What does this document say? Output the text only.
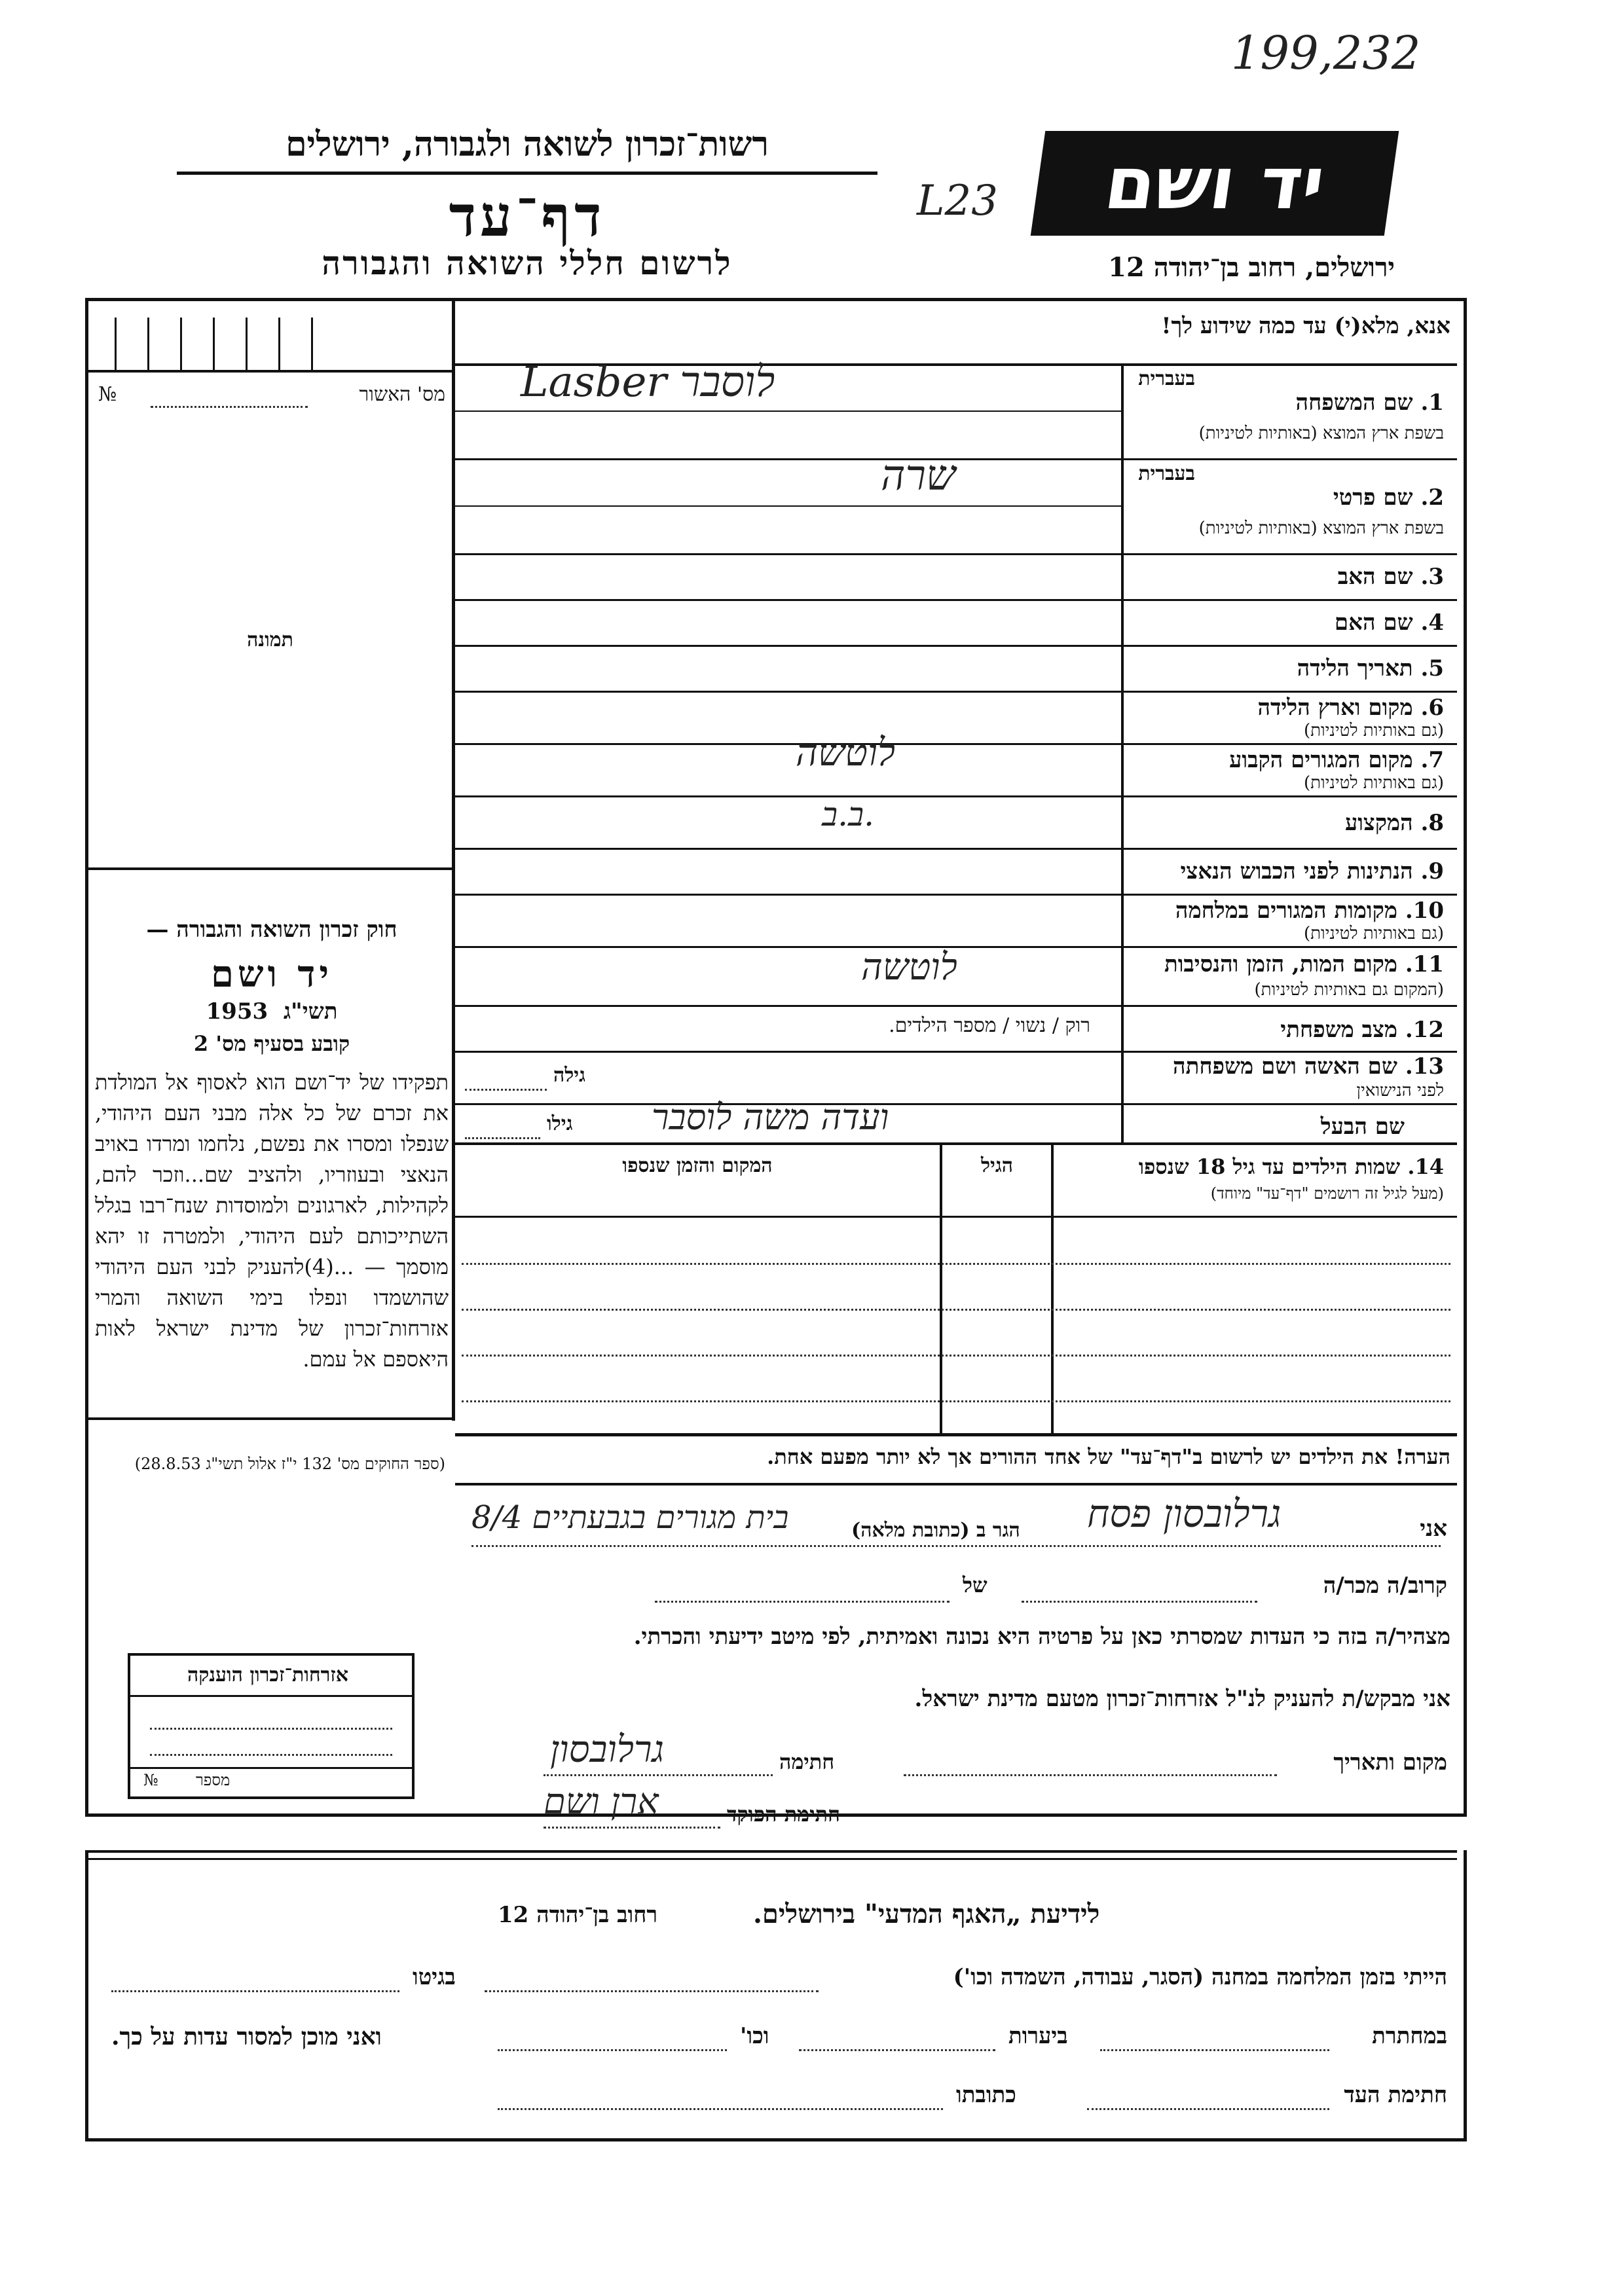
199,232
רשות־זכרון לשואה ולגבורה, ירושלים
דף־עד
לרשום חללי השואה והגבורה
L23	יד ושם
ירושלים, רחוב בן־יהודה 12
מס' האשור
№
תמונה
חוק זכרון השואה והגבורה —
יד ושם
תשי"ג  1953
קובע בסעיף מס' 2
תפקידו של יד־ושם הוא לאסוף אל המולדת את זכרם של כל אלה מבני העם היהודי, שנפלו ומסרו את נפשם, נלחמו ומרדו באויב הנאצי ובעוזריו, ולהציב שם...וזכר להם, לקהילות, לארגונים ולמוסדות שנח־רבו בגלל השתייכותם לעם היהודי, ולמטרה זו יהא מוסמך — ...(4)להעניק לבני העם היהודי שהושמדו ונפלו בימי השואה והמרי אזרחות־זכרון של מדינת ישראל לאות היאספם אל עמם.
(ספר החוקים מס' 132 י"ז אלול תשי"ג 28.8.53)
אנא, מלא(י) עד כמה שידוע לך!
1. שם המשפחה
בשפת ארץ המוצא (באותיות לטיניות)
בעברית
Lasber לוסבר
2. שם פרטי
בשפת ארץ המוצא (באותיות לטיניות)
בעברית
שרה
3. שם האב
4. שם האם
5. תאריך הלידה
6. מקום וארץ הלידה
(גם באותיות לטיניות)
7. מקום המגורים הקבוע
(גם באותיות לטיניות)
לוטשה
8. המקצוע
ב.ב.
9. הנתינות לפני הכבוש הנאצי
10. מקומות המגורים במלחמה
(גם באותיות לטיניות)
11. מקום המות, הזמן והנסיבות
(המקום גם באותיות לטיניות)
לוטשה
12. מצב משפחתי
רוק / נשוי / מספר הילדים.
13. שם האשה ושם משפחתה
לפני הנישואין
גילה
שם הבעל
גילו ועדה משה לוסבר
14. שמות הילדים עד גיל 18 שנספו
(מעל לגיל זה רושמים "דף־עד" מיוחד)
הגיל
המקום והזמן שנספו
הערה! את הילדים יש לרשום ב"דף־עד" של אחד ההורים אך לא יותר מפעם אחת.
אני
גרלובסון פסח
הגר ב (כתובת מלאה)
בית מגורים בגבעתיים 8/4
קרוב/ה מכר/ה
של
מצהיר/ה בזה כי העדות שמסרתי כאן על פרטיה היא נכונה ואמיתית, לפי מיטב ידיעתי והכרתי.
אני מבקש/ת להעניק לנ"ל אזרחות־זכרון מטעם מדינת ישראל.
מקום ותאריך
חתימה
גרלובסון
חתימת הפוקד
ארן ושם
אזרחות־זכרון הוענקה
מספר
№
לידיעת „האגף המדעי" בירושלים.
רחוב בן־יהודה 12
הייתי בזמן המלחמה במחנה (הסגר, עבודה, השמדה וכו')
בגיטו
במחתרת
ביערות
וכו'
ואני מוכן למסור עדות על כך.
חתימת העד
כתובתו
